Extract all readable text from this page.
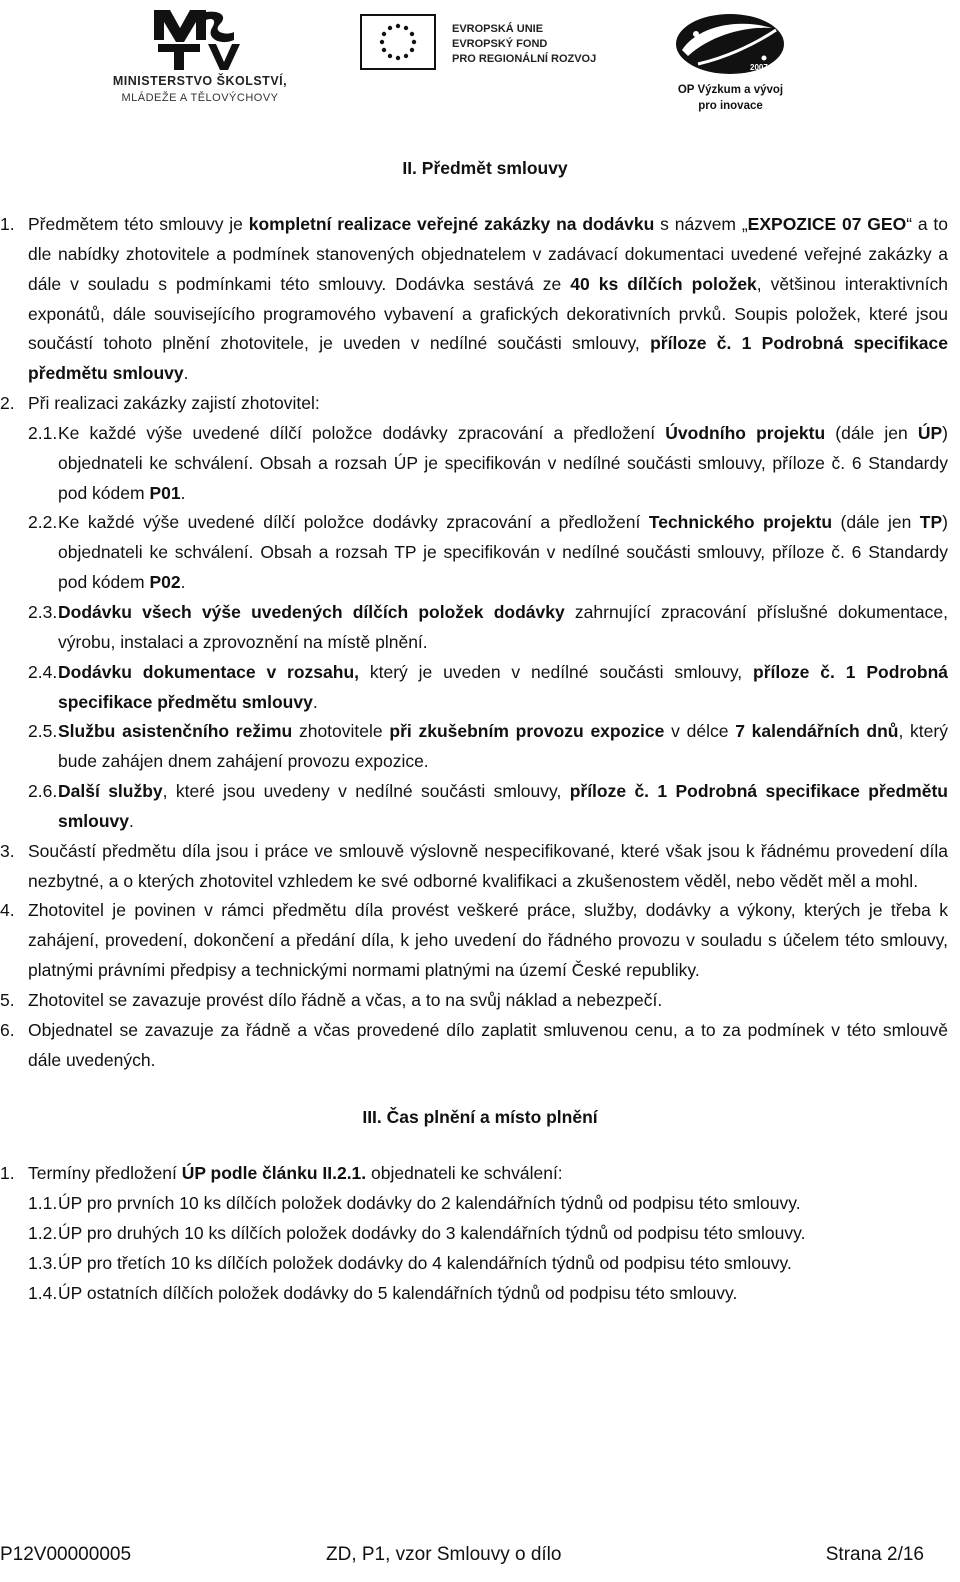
MINISTERSTVO ŠKOLSTVÍ,
MLÁDEŽE A TĚLOVÝCHOVY
EVROPSKÁ UNIE
EVROPSKÝ FOND
PRO REGIONÁLNÍ ROZVOJ
2007-13
OP Výzkum a vývoj
pro inovace
II. Předmět smlouvy
1. Předmětem této smlouvy je kompletní realizace veřejné zakázky na dodávku s názvem „EXPOZICE 07 GEO“ a to dle nabídky zhotovitele a podmínek stanovených objednatelem v zadávací dokumentaci uvedené veřejné zakázky a dále v souladu s podmínkami této smlouvy. Dodávka sestává ze 40 ks dílčích položek, většinou interaktivních exponátů, dále souvisejícího programového vybavení a grafických dekorativních prvků. Soupis položek, které jsou součástí tohoto plnění zhotovitele, je uveden v nedílné součásti smlouvy, příloze č. 1 Podrobná specifikace předmětu smlouvy.
2. Při realizaci zakázky zajistí zhotovitel:
2.1. Ke každé výše uvedené dílčí položce dodávky zpracování a předložení Úvodního projektu (dále jen ÚP) objednateli ke schválení. Obsah a rozsah ÚP je specifikován v nedílné součásti smlouvy, příloze č. 6 Standardy pod kódem P01.
2.2. Ke každé výše uvedené dílčí položce dodávky zpracování a předložení Technického projektu (dále jen TP) objednateli ke schválení. Obsah a rozsah TP je specifikován v nedílné součásti smlouvy, příloze č. 6 Standardy pod kódem P02.
2.3. Dodávku všech výše uvedených dílčích položek dodávky zahrnující zpracování příslušné dokumentace, výrobu, instalaci a zprovoznění na místě plnění.
2.4. Dodávku dokumentace v rozsahu, který je uveden v nedílné součásti smlouvy, příloze č. 1 Podrobná specifikace předmětu smlouvy.
2.5. Službu asistenčního režimu zhotovitele při zkušebním provozu expozice v délce 7 kalendářních dnů, který bude zahájen dnem zahájení provozu expozice.
2.6. Další služby, které jsou uvedeny v nedílné součásti smlouvy, příloze č. 1 Podrobná specifikace předmětu smlouvy.
3. Součástí předmětu díla jsou i práce ve smlouvě výslovně nespecifikované, které však jsou k řádnému provedení díla nezbytné, a o kterých zhotovitel vzhledem ke své odborné kvalifikaci a zkušenostem věděl, nebo vědět měl a mohl.
4. Zhotovitel je povinen v rámci předmětu díla provést veškeré práce, služby, dodávky a výkony, kterých je třeba k zahájení, provedení, dokončení a předání díla, k jeho uvedení do řádného provozu v souladu s účelem této smlouvy, platnými právními předpisy a technickými normami platnými na území České republiky.
5. Zhotovitel se zavazuje provést dílo řádně a včas, a to na svůj náklad a nebezpečí.
6. Objednatel se zavazuje za řádně a včas provedené dílo zaplatit smluvenou cenu, a to za podmínek v této smlouvě dále uvedených.
III. Čas plnění a místo plnění
1. Termíny předložení ÚP podle článku II.2.1. objednateli ke schválení:
1.1. ÚP pro prvních 10 ks dílčích položek dodávky do 2 kalendářních týdnů od podpisu této smlouvy.
1.2. ÚP pro druhých 10 ks dílčích položek dodávky do 3 kalendářních týdnů od podpisu této smlouvy.
1.3. ÚP pro třetích 10 ks dílčích položek dodávky do 4 kalendářních týdnů od podpisu této smlouvy.
1.4. ÚP ostatních dílčích položek dodávky do 5 kalendářních týdnů od podpisu této smlouvy.
P12V00000005	ZD, P1, vzor Smlouvy o dílo	Strana 2/16
